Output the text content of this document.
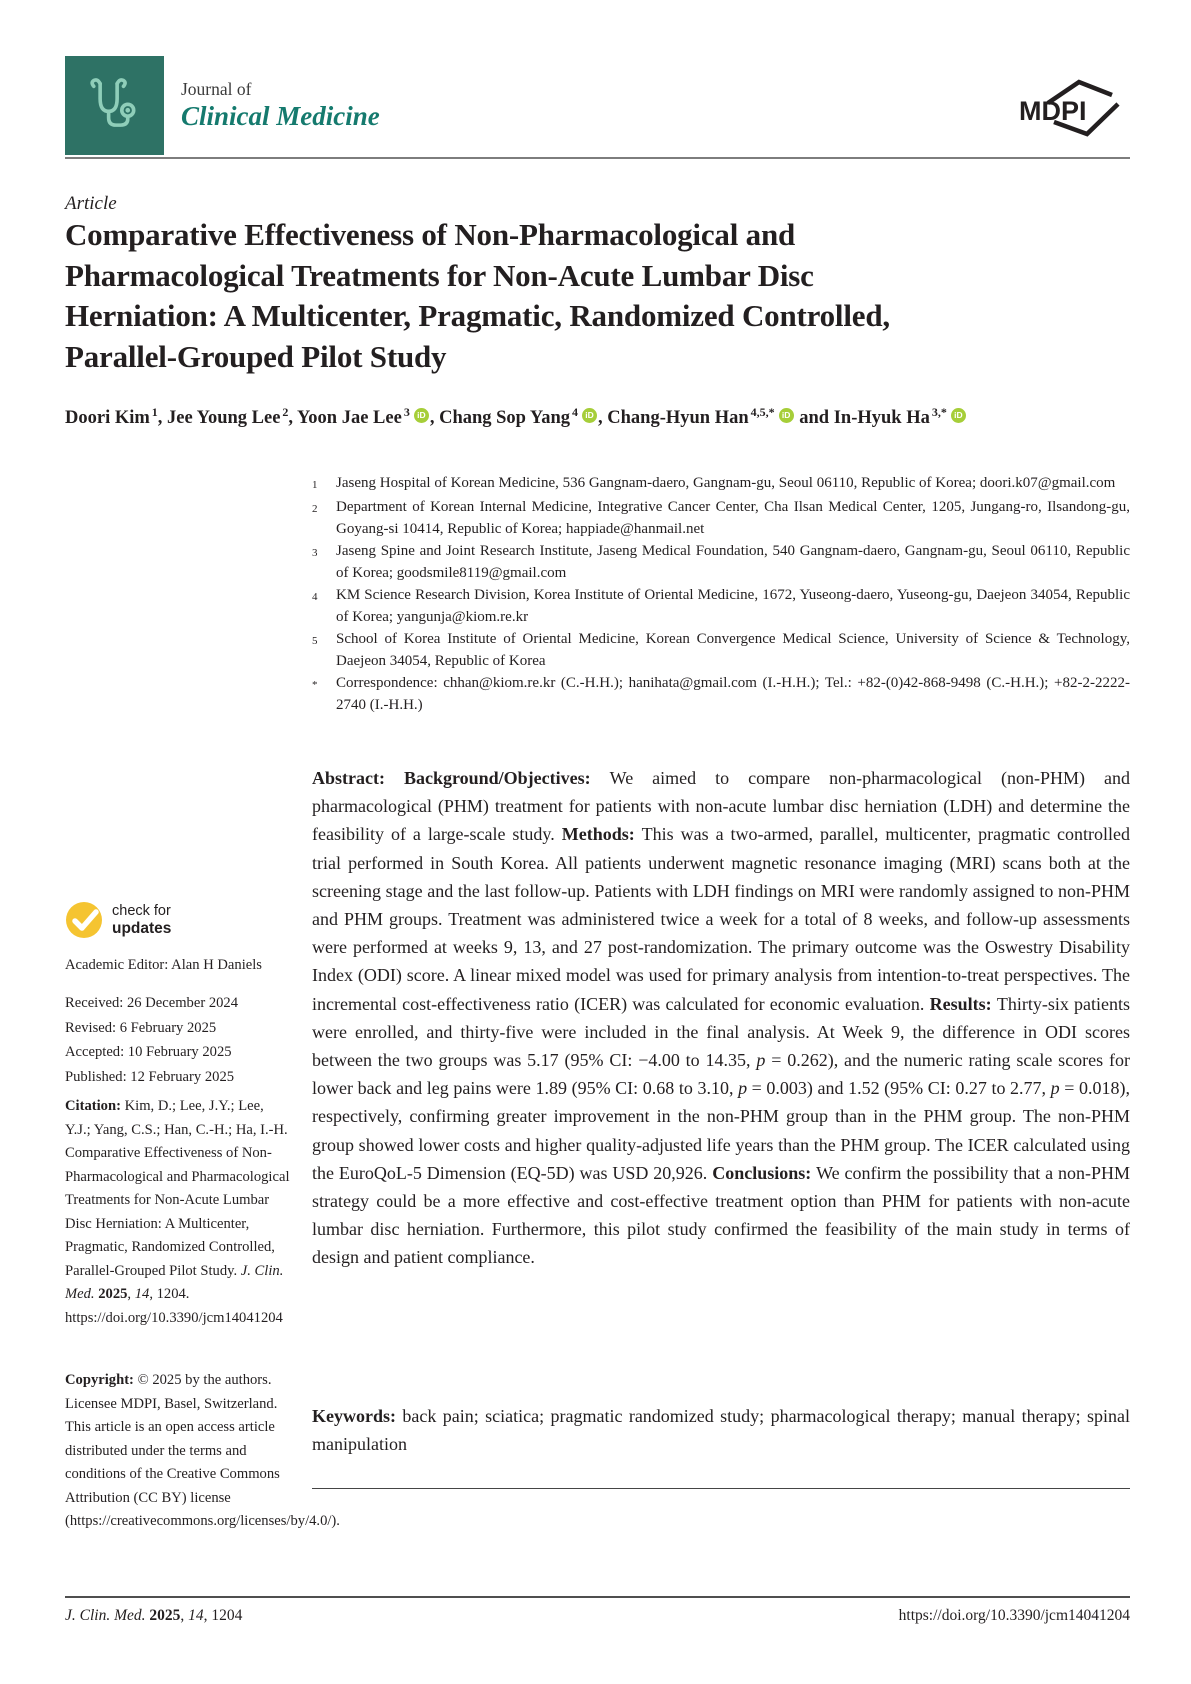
Journal of
Clinical Medicine	MDPI
Article
Comparative Effectiveness of Non-Pharmacological and
Pharmacological Treatments for Non-Acute Lumbar Disc
Herniation: A Multicenter, Pragmatic, Randomized Controlled,
Parallel-Grouped Pilot Study
Doori Kim $^1$, Jee Young Lee $^2$, Yoon Jae Lee $^3$ iD , Chang Sop Yang $^4$ iD , Chang-Hyun Han $^{4,5,*}$ iD and In-Hyuk Ha $^{3,*}$ iD
1	Jaseng Hospital of Korean Medicine, 536 Gangnam-daero, Gangnam-gu, Seoul 06110, Republic of Korea; doori.k07@gmail.com
2	Department of Korean Internal Medicine, Integrative Cancer Center, Cha Ilsan Medical Center, 1205, Jungang-ro, Ilsandong-gu, Goyang-si 10414, Republic of Korea; happiade@hanmail.net
3	Jaseng Spine and Joint Research Institute, Jaseng Medical Foundation, 540 Gangnam-daero, Gangnam-gu, Seoul 06110, Republic of Korea; goodsmile8119@gmail.com
4	KM Science Research Division, Korea Institute of Oriental Medicine, 1672, Yuseong-daero, Yuseong-gu, Daejeon 34054, Republic of Korea; yangunja@kiom.re.kr
5	School of Korea Institute of Oriental Medicine, Korean Convergence Medical Science, University of Science & Technology, Daejeon 34054, Republic of Korea
*	Correspondence: chhan@kiom.re.kr (C.-H.H.); hanihata@gmail.com (I.-H.H.); Tel.: +82-(0)42-868-9498 (C.-H.H.); +82-2-2222-2740 (I.-H.H.)
Abstract: Background/Objectives: We aimed to compare non-pharmacological (non-PHM) and pharmacological (PHM) treatment for patients with non-acute lumbar disc herniation (LDH) and determine the feasibility of a large-scale study. Methods: This was a two-armed, parallel, multicenter, pragmatic controlled trial performed in South Korea. All patients underwent magnetic resonance imaging (MRI) scans both at the screening stage and the last follow-up. Patients with LDH findings on MRI were randomly assigned to non-PHM and PHM groups. Treatment was administered twice a week for a total of 8 weeks, and follow-up assessments were performed at weeks 9, 13, and 27 post-randomization. The primary outcome was the Oswestry Disability Index (ODI) score. A linear mixed model was used for primary analysis from intention-to-treat perspectives. The incremental cost-effectiveness ratio (ICER) was calculated for economic evaluation. Results: Thirty-six patients were enrolled, and thirty-five were included in the final analysis. At Week 9, the difference in ODI scores between the two groups was 5.17 (95% CI: −4.00 to 14.35, p = 0.262), and the numeric rating scale scores for lower back and leg pains were 1.89 (95% CI: 0.68 to 3.10, p = 0.003) and 1.52 (95% CI: 0.27 to 2.77, p = 0.018), respectively, confirming greater improvement in the non-PHM group than in the PHM group. The non-PHM group showed lower costs and higher quality-adjusted life years than the PHM group. The ICER calculated using the EuroQoL-5 Dimension (EQ-5D) was USD 20,926. Conclusions: We confirm the possibility that a non-PHM strategy could be a more effective and cost-effective treatment option than PHM for patients with non-acute lumbar disc herniation. Furthermore, this pilot study confirmed the feasibility of the main study in terms of design and patient compliance.
Keywords: back pain; sciatica; pragmatic randomized study; pharmacological therapy; manual therapy; spinal manipulation
check for
updates
Academic Editor: Alan H Daniels
Received: 26 December 2024
Revised: 6 February 2025
Accepted: 10 February 2025
Published: 12 February 2025
Citation: Kim, D.; Lee, J.Y.; Lee, Y.J.; Yang, C.S.; Han, C.-H.; Ha, I.-H. Comparative Effectiveness of Non-Pharmacological and Pharmacological Treatments for Non-Acute Lumbar Disc Herniation: A Multicenter, Pragmatic, Randomized Controlled, Parallel-Grouped Pilot Study. J. Clin. Med. 2025, 14, 1204. https://doi.org/10.3390/jcm14041204
Copyright: © 2025 by the authors. Licensee MDPI, Basel, Switzerland. This article is an open access article distributed under the terms and conditions of the Creative Commons Attribution (CC BY) license (https://creativecommons.org/licenses/by/4.0/).
J. Clin. Med. 2025, 14, 1204	https://doi.org/10.3390/jcm14041204
